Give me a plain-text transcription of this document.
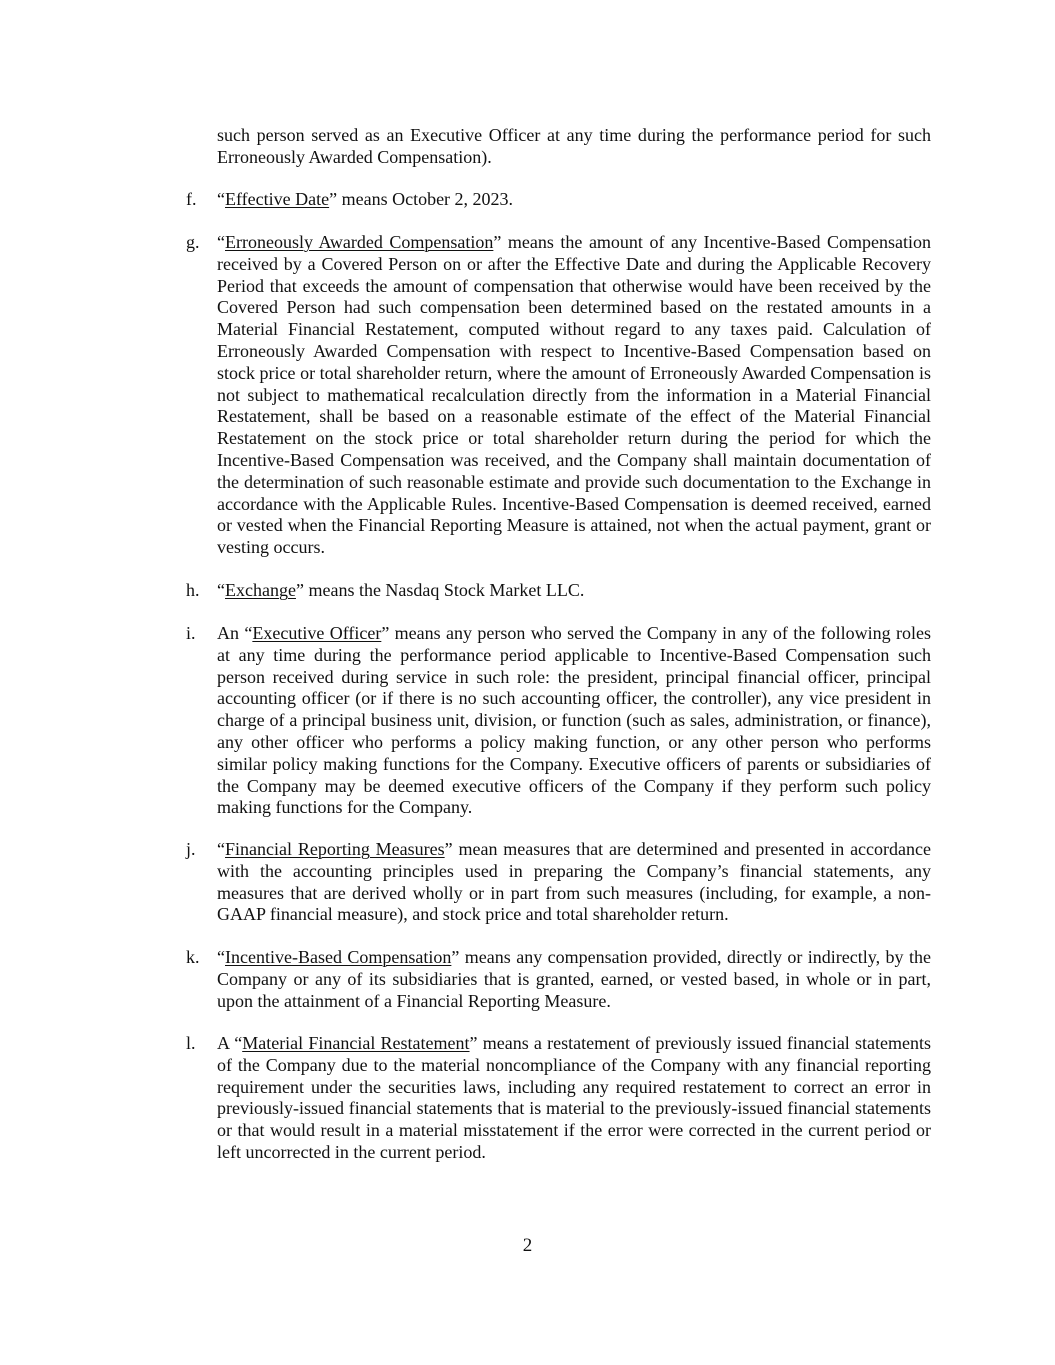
such person served as an Executive Officer at any time during the performance period for such Erroneously Awarded Compensation).

f.	“Effective Date” means October 2, 2023.
g. “Erroneously Awarded Compensation” means the amount of any Incentive-Based Compensation received by a Covered Person on or after the Effective Date and during the Applicable Recovery Period that exceeds the amount of compensation that otherwise would have been received by the Covered Person had such compensation been determined based on the restated amounts in a Material Financial Restatement, computed without regard to any taxes paid. Calculation of Erroneously Awarded Compensation with respect to Incentive-Based Compensation based on stock price or total shareholder return, where the amount of Erroneously Awarded Compensation is not subject to mathematical recalculation directly from the information in a Material Financial Restatement, shall be based on a reasonable estimate of the effect of the Material Financial Restatement on the stock price or total shareholder return during the period for which the Incentive-Based Compensation was received, and the Company shall maintain documentation of the determination of such reasonable estimate and provide such documentation to the Exchange in accordance with the Applicable Rules. Incentive-Based Compensation is deemed received, earned or vested when the Financial Reporting Measure is attained, not when the actual payment, grant or vesting occurs.
h. “Exchange” means the Nasdaq Stock Market LLC.
i.	An “Executive Officer” means any person who served the Company in any of the following roles at any time during the performance period applicable to Incentive-Based Compensation such person received during service in such role: the president, principal financial officer, principal accounting officer (or if there is no such accounting officer, the controller), any vice president in charge of a principal business unit, division, or function (such as sales, administration, or finance), any other officer who performs a policy making function, or any other person who performs similar policy making functions for the Company. Executive officers of parents or subsidiaries of the Company may be deemed executive officers of the Company if they perform such policy making functions for the Company.
j.	“Financial Reporting Measures” mean measures that are determined and presented in accordance with the accounting principles used in preparing the Company’s financial statements, any measures that are derived wholly or in part from such measures (including, for example, a non-GAAP financial measure), and stock price and total shareholder return.
k. “Incentive-Based Compensation” means any compensation provided, directly or indirectly, by the Company or any of its subsidiaries that is granted, earned, or vested based, in whole or in part, upon the attainment of a Financial Reporting Measure.
l.	A “Material Financial Restatement” means a restatement of previously issued financial statements of the Company due to the material noncompliance of the Company with any financial reporting requirement under the securities laws, including any required restatement to correct an error in previously-issued financial statements that is material to the previously-issued financial statements or that would result in a material misstatement if the error were corrected in the current period or left uncorrected in the current period.
2
